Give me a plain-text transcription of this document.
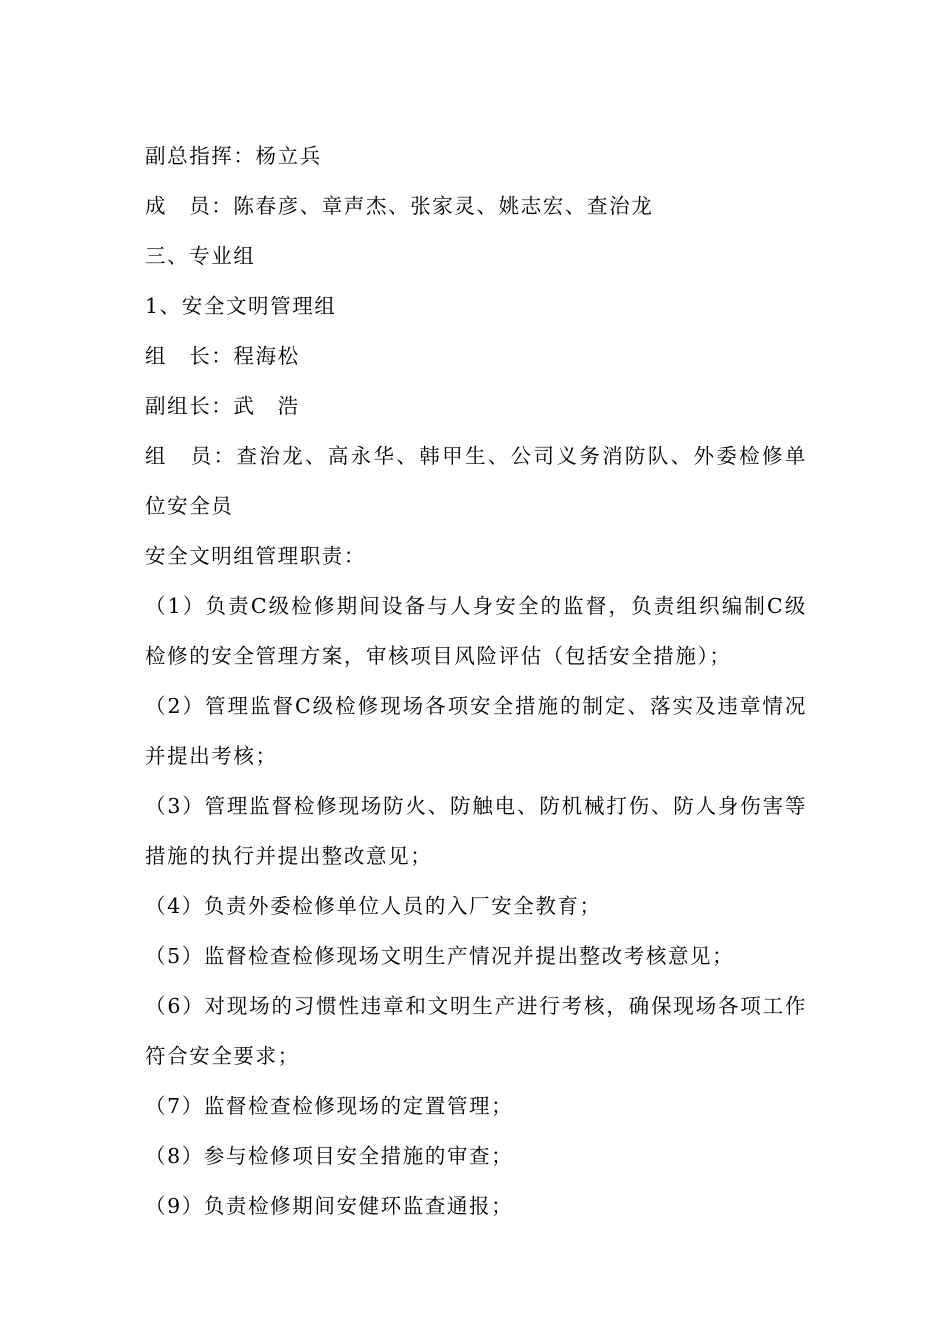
副总指挥：杨立兵
成　员：陈春彦、章声杰、张家灵、姚志宏、查治龙
三、专业组
1、安全文明管理组
组　长：程海松
副组长：武　浩
组　员：查治龙、高永华、韩甲生、公司义务消防队、外委检修单
位安全员
安全文明组管理职责：
（1）负责C级检修期间设备与人身安全的监督，负责组织编制C级
检修的安全管理方案，审核项目风险评估（包括安全措施）；
（2）管理监督C级检修现场各项安全措施的制定、落实及违章情况
并提出考核；
（3）管理监督检修现场防火、防触电、防机械打伤、防人身伤害等
措施的执行并提出整改意见；
（4）负责外委检修单位人员的入厂安全教育；
（5）监督检查检修现场文明生产情况并提出整改考核意见；
（6）对现场的习惯性违章和文明生产进行考核，确保现场各项工作
符合安全要求；
（7）监督检查检修现场的定置管理；
（8）参与检修项目安全措施的审查；
（9）负责检修期间安健环监查通报；
